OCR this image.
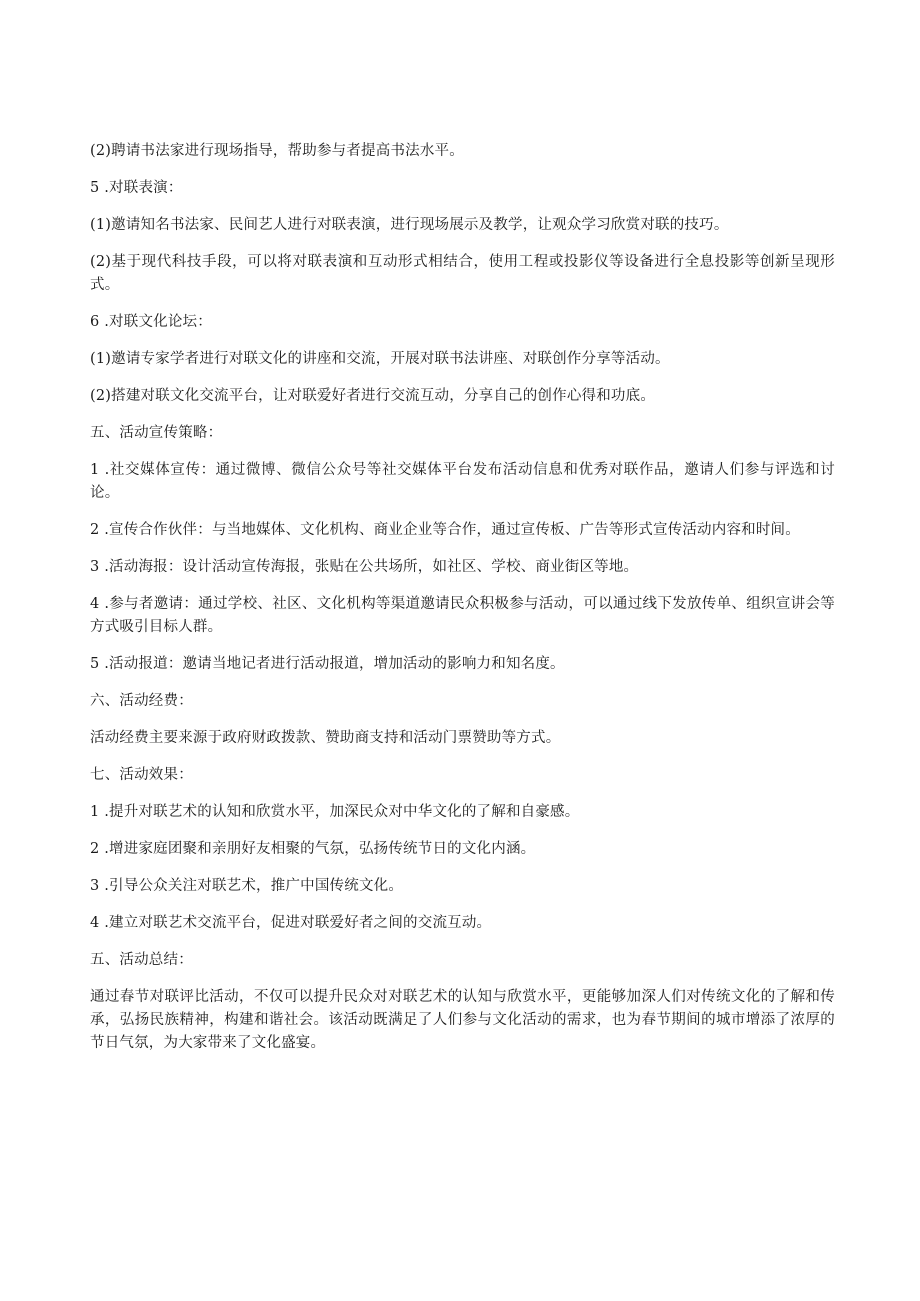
(2)聘请书法家进行现场指导，帮助参与者提高书法水平。

5 .对联表演：

(1)邀请知名书法家、民间艺人进行对联表演，进行现场展示及教学，让观众学习欣赏对联的技巧。

(2)基于现代科技手段，可以将对联表演和互动形式相结合，使用工程或投影仪等设备进行全息投影等创新呈现形式。

6 .对联文化论坛：

(1)邀请专家学者进行对联文化的讲座和交流，开展对联书法讲座、对联创作分享等活动。

(2)搭建对联文化交流平台，让对联爱好者进行交流互动，分享自己的创作心得和功底。

五、活动宣传策略：

1 .社交媒体宣传：通过微博、微信公众号等社交媒体平台发布活动信息和优秀对联作品，邀请人们参与评选和讨论。

2 .宣传合作伙伴：与当地媒体、文化机构、商业企业等合作，通过宣传板、广告等形式宣传活动内容和时间。

3 .活动海报：设计活动宣传海报，张贴在公共场所，如社区、学校、商业街区等地。

4 .参与者邀请：通过学校、社区、文化机构等渠道邀请民众积极参与活动，可以通过线下发放传单、组织宣讲会等方式吸引目标人群。

5 .活动报道：邀请当地记者进行活动报道，增加活动的影响力和知名度。

六、活动经费：

活动经费主要来源于政府财政拨款、赞助商支持和活动门票赞助等方式。

七、活动效果：

1 .提升对联艺术的认知和欣赏水平，加深民众对中华文化的了解和自豪感。

2 .增进家庭团聚和亲朋好友相聚的气氛，弘扬传统节日的文化内涵。

3 .引导公众关注对联艺术，推广中国传统文化。

4 .建立对联艺术交流平台，促进对联爱好者之间的交流互动。

五、活动总结：

通过春节对联评比活动，不仅可以提升民众对对联艺术的认知与欣赏水平，更能够加深人们对传统文化的了解和传承，弘扬民族精神，构建和谐社会。该活动既满足了人们参与文化活动的需求，也为春节期间的城市增添了浓厚的节日气氛，为大家带来了文化盛宴。
